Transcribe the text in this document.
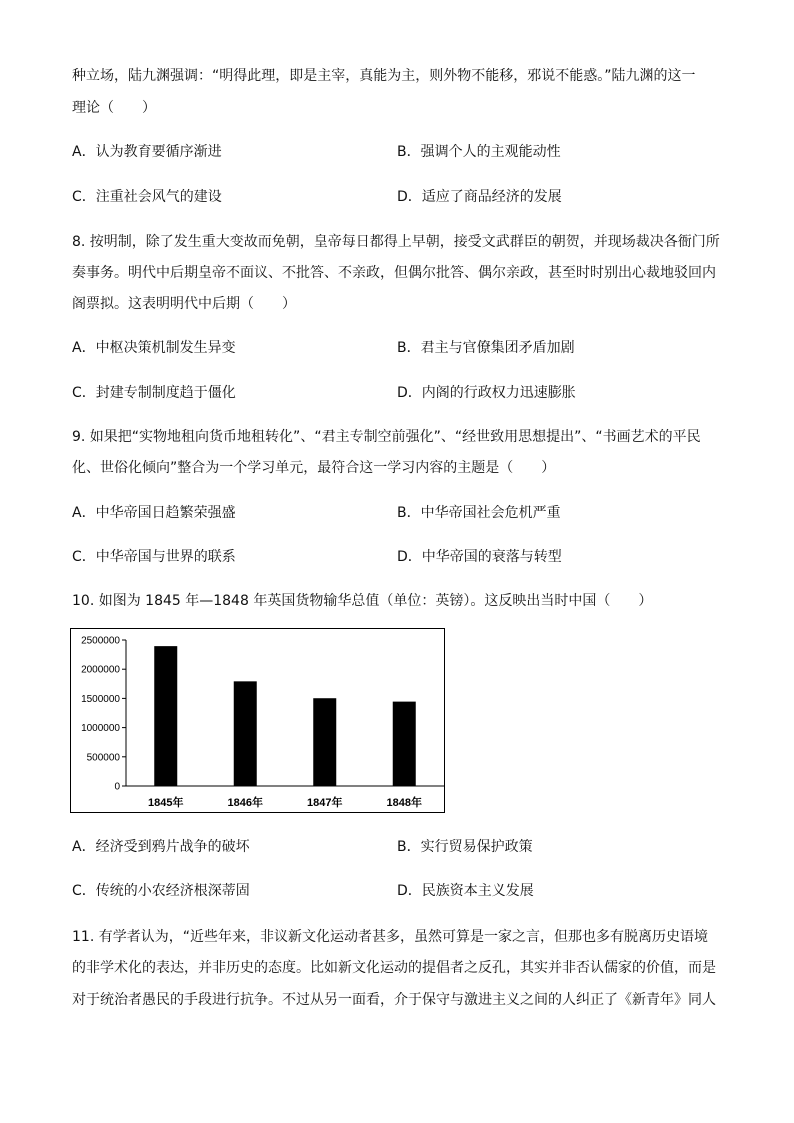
种立场，陆九渊强调：“明得此理，即是主宰，真能为主，则外物不能移，邪说不能惑。”陆九渊的这一
理论（　　）
A．认为教育要循序渐进	B．强调个人的主观能动性
C．注重社会风气的建设	D．适应了商品经济的发展
8. 按明制，除了发生重大变故而免朝，皇帝每日都得上早朝，接受文武群臣的朝贺，并现场裁决各衙门所
奏事务。明代中后期皇帝不面议、不批答、不亲政，但偶尔批答、偶尔亲政，甚至时时别出心裁地驳回内
阁票拟。这表明明代中后期（　　）
A．中枢决策机制发生异变	B．君主与官僚集团矛盾加剧
C．封建专制制度趋于僵化	D．内阁的行政权力迅速膨胀
9. 如果把“实物地租向货币地租转化”、“君主专制空前强化”、“经世致用思想提出”、“书画艺术的平民
化、世俗化倾向”整合为一个学习单元，最符合这一学习内容的主题是（　　）
A．中华帝国日趋繁荣强盛	B．中华帝国社会危机严重
C．中华帝国与世界的联系	D．中华帝国的衰落与转型
10. 如图为 1845 年—1848 年英国货物输华总值（单位：英镑）。这反映出当时中国（　　）
0
500000
1000000
1500000
2000000
2500000
1845年	1846年	1847年	1848年
A．经济受到鸦片战争的破坏	B．实行贸易保护政策
C．传统的小农经济根深蒂固	D．民族资本主义发展
11. 有学者认为，“近些年来，非议新文化运动者甚多，虽然可算是一家之言，但那也多有脱离历史语境
的非学术化的表达，并非历史的态度。比如新文化运动的提倡者之反孔，其实并非否认儒家的价值，而是
对于统治者愚民的手段进行抗争。不过从另一面看，介于保守与激进主义之间的人纠正了《新青年》同人
